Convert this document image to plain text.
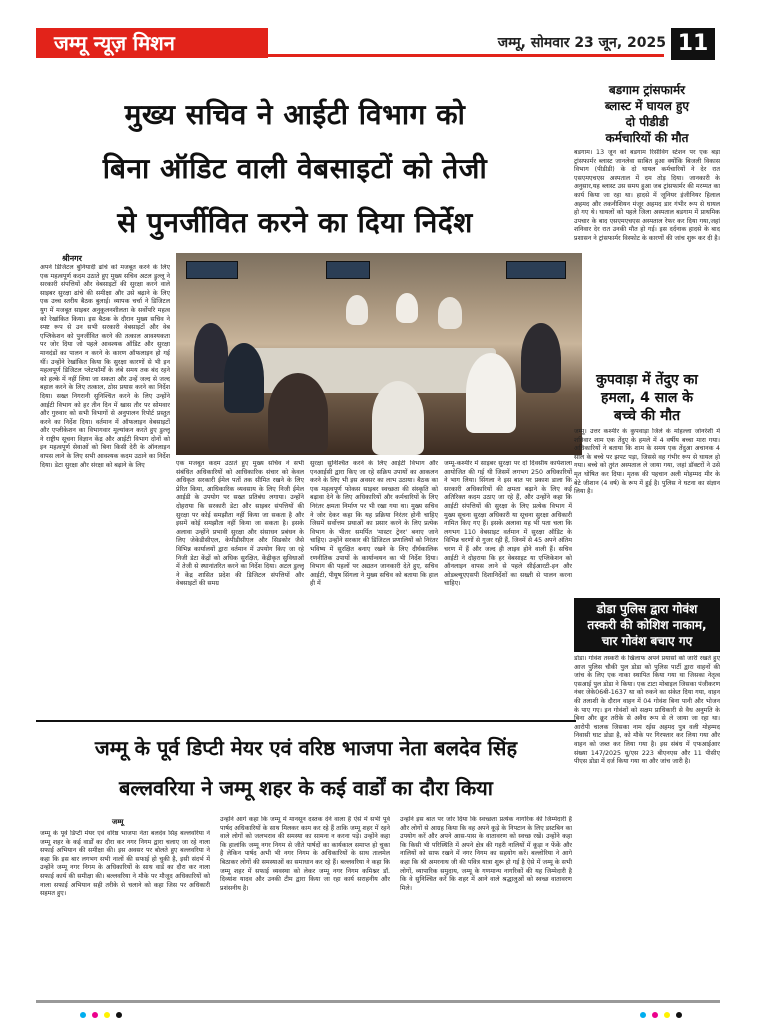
जम्मू न्यूज़ मिशन	जम्मू, सोमवार 23 जून, 2025 11
मुख्य सचिव ने आईटी विभाग को
बिना ऑडिट वाली वेबसाइटों को तेजी
से पुनर्जीवित करने का दिया निर्देश
श्रीनगर
अपने डिजिटल बुनियादी ढांचे को मजबूत करने के लिए एक महत्वपूर्ण कदम उठाते हुए मुख्य सचिव अटल डुल्लू ने सरकारी संपत्तियों और वेबसाइटों की सुरक्षा करने वाले साइबर सुरक्षा ढांचे की समीक्षा और उसे बढ़ाने के लिए एक उच्च स्तरीय बैठक बुलाई। व्यापक चर्चा ने डिजिटल युग में मजबूत साइबर अनुकूलनशीलता के सर्वोपरि महत्व को रेखांकित किया। इस बैठक के दौरान मुख्य सचिव ने स्पष्ट रूप से उन सभी सरकारी वेबसाइटों और वेब एप्लिकेशन को पुनर्जीवित करने की तत्काल आवश्यकता पर जोर दिया जो पहले आवश्यक ऑडिट और सुरक्षा मानदंडों का पालन न करने के कारण ऑफलाइन हो गई थीं। उन्होंने रेखांकित किया कि सुरक्षा कारणों से भी इन महत्वपूर्ण डिजिटल प्लेटफॉर्मों के लंबे समय तक बंद रहने को हल्के में नहीं लिया जा सकता और उन्हें जल्द से जल्द बहाल करने के लिए तत्काल, ठोस प्रयास करने का निर्देश दिया। सख्त निगरानी सुनिश्चित करने के लिए उन्होंने आईटी विभाग को हर तीन दिन में खास तौर पर सोमवार और गुरुवार को सभी विभागों से अनुपालन रिपोर्ट प्रस्तुत करने का निर्देश दिया। वर्तमान में ऑफलाइन वेबसाइटों और एप्लीकेशन का विभागवार मूल्यांकन करते हुए डुल्लू ने राष्ट्रीय सूचना विज्ञान केंद्र और आईटी विभाग दोनों को इन महत्वपूर्ण सेवाओं को बिना किसी देरी के ऑनलाइन वापस लाने के लिए सभी आवश्यक कदम उठाने का निर्देश दिया। डेटा सुरक्षा और संरक्षा को बढ़ाने के लिए	एक मजबूत कदम उठाते हुए मुख्य सचिव ने सभी संबंधित अधिकारियों को आधिकारिक संचार को केवल अधिकृत सरकारी ईमेल पतों तक सीमित रखने के लिए प्रेरित किया, आधिकारिक व्यवसाय के लिए निजी ईमेल आईडी के उपयोग पर सख्त प्रतिबंध लगाया। उन्होंने दोहराया कि सरकारी डेटा और साइबर संपत्तियों की सुरक्षा पर कोई समझौता नहीं किया जा सकता है और इसमें कोई समझौता नहीं किया जा सकता है। इसके अलावा उन्होंने प्रभावी सुरक्षा और संसाधन प्रबंधन के लिए जेकेडीसीएल, केपीडीसीएल और सिडकोर जैसे विभिन्न कार्यालयों द्वारा वर्तमान में उपयोग किए जा रहे निजी डेटा केंद्रों को अधिक सुरक्षित, केंद्रीकृत सुविधाओं में तेजी से स्थानांतरित करने का निर्देश दिया। अटल डुल्लू ने केंद्र शासित प्रदेश की डिजिटल संपत्तियों और वेबसाइटों की समग्र
सुरक्षा सुनिश्चित करने के लिए आईटी विभाग और एनआईसी द्वारा किए जा रहे सक्रिय उपायों का आकलन करने के लिए भी इस अवसर का लाभ उठाया। बैठक का एक महत्वपूर्ण फोकस साइबर स्वच्छता की संस्कृति को बढ़ावा देने के लिए अधिकारियों और कर्मचारियों के लिए निरंतर क्षमता निर्माण पर भी रखा गया था। मुख्य सचिव ने जोर देकर कहा कि यह प्रक्रिया निरंतर होनी चाहिए जिसमें सर्वोत्तम प्रथाओं का प्रसार करने के लिए प्रत्येक विभाग के भीतर समर्पित 'मास्टर ट्रेनर' बनाए जाने चाहिए। उन्होंने सरकार की डिजिटल प्रणालियों को निरंतर भविष्य में सुरक्षित बनाए रखने के लिए दीर्घकालिक रणनीतिक उपायों के कार्यान्वयन का भी निर्देश दिया। विभाग की पहलों पर अद्यतन जानकारी देते हुए, सचिव आईटी, पीयूष सिंगला ने मुख्य सचिव को बताया कि हाल ही में
जम्मू-कश्मीर में साइबर सुरक्षा पर दो दिवसीय कार्यशाला आयोजित की गई थी जिसमें लगभग 250 अधिकारियों ने भाग लिया। सिंगला ने इस बात पर प्रकाश डाला कि सरकारी अधिकारियों की क्षमता बढ़ाने के लिए कई अतिरिक्त कदम उठाए जा रहे हैं, और उन्होंने कहा कि आईटी संपत्तियों की सुरक्षा के लिए प्रत्येक विभाग में मुख्य सूचना सुरक्षा अधिकारी या सूचना सुरक्षा अधिकारी नामित किए गए हैं। इसके अलावा यह भी पता चला कि लगभग 110 वेबसाइट वर्तमान में सुरक्षा ऑडिट के विभिन्न चरणों से गुजर रही हैं, जिनमें से 45 अपने अंतिम चरण में हैं और जल्द ही लाइव होने वाली हैं। सचिव आईटी ने दोहराया कि हर वेबसाइट या एप्लिकेशन को ऑनलाइन वापस लाने से पहले सीईआरटी-इन और ओडब्ल्यूएएसपी दिशानिर्देशों का सख्ती से पालन करना चाहिए।
बडगाम ट्रांसफार्मर
ब्लास्ट में घायल हुए
दो पीडीडी
कर्मचारियों की मौत
बडगाम। 13 जून को बडगाम रिसीविंग स्टेशन पर एक बड़ा ट्रांसफार्मर ब्लास्ट जानलेवा साबित हुआ क्योंकि बिजली विकास विभाग (पीडीडी) के दो घायल कर्मचारियों ने देर रात एसएमएचएस अस्पताल में दम तोड़ दिया। जानकारी के अनुसार,यह ब्लास्ट उस समय हुआ जब ट्रांसफार्मर की मरम्मत का कार्य किया जा रहा था। हादसे में जूनियर इंजीनियर हिलाल अहमद और तकनीशियन मंजूर अहमद डार गंभीर रूप से घायल हो गए थे। घायलों को पहले जिला अस्पताल बडगाम में प्राथमिक उपचार के बाद एसएमएचएस अस्पताल रेफर कर दिया गया,जहां शनिवार देर रात उनकी मौत हो गई। इस दर्दनाक हादसे के बाद प्रशासन ने ट्रांसफार्मर विस्फोट के कारणों की जांच शुरू कर दी है।
कुपवाड़ा में तेंदुए का
हमला, 4 साल के
बच्चे की मौत
जम्मू। उत्तर कश्मीर के कुपवाड़ा जिले के मोहल्ला जोनरेशी में शनिवार शाम एक तेंदुए के हमले में 4 वर्षीय बच्चा मारा गया। अधिकारियों ने बताया कि शाम के समय एक तेंदुआ अचानक 4 साल के बच्चे पर झपट पड़ा, जिससे वह गंभीर रूप से घायल हो गया। बच्चे को तुरंत अस्पताल ले जाया गया, जहां डॉक्टरों ने उसे मृत घोषित कर दिया। मृतक की पहचान अली मोहम्मद मीर के बेटे जीशान (4 वर्ष) के रूप में हुई है। पुलिस ने घटना का संज्ञान लिया है।
डोडा पुलिस द्वारा गोवंश
तस्करी की कोशिश नाकाम,
चार गोवंश बचाए गए
डोडा। गोवंश तस्करी के खिलाफ अपने प्रयासों को जारी रखते हुए आज पुलिस चौकी पुल डोडा को पुलिस पार्टी द्वारा वाहनों की जांच के लिए एक नाका स्थापित किया गया था जिसका नेतृत्व एसआई पुल डोडा ने किया। एक टाटा मोबाइल जिसका पंजीकरण नंबर जेके06बी-1637 था को रुकने का संकेत दिया गया, वाहन की तलाशी के दौरान वाहन में 04 गोवंश बिना पानी और भोजन के पाए गए। इन गोवंशों को सक्षम प्राधिकारी से वैध अनुमति के बिना और क्रूर तरीके से अवैध रूप से ले जाया जा रहा था। आरोपी चालक जिसका नाम रईस अहमद पुत्र वली मोहम्मद निवासी घाट डोडा है, को मौके पर गिरफ्तार कर लिया गया और वाहन को जब्त कर लिया गया है। इस संबंध में एफआईआर संख्या 147/2025 यू/एस 223 बीएनएस और 11 पीसीए पीएस डोडा में दर्ज किया गया था और जांच जारी है।
जम्मू के पूर्व डिप्टी मेयर एवं वरिष्ठ भाजपा नेता बलदेव सिंह
बल्लवरिया ने जम्मू शहर के कई वार्डों का दौरा किया
जम्मू
जम्मू के पूर्व डिप्टी मेयर एवं वरिष्ठ भाजपा नेता बलदेव सिंह बल्लवरिया ने जम्मू शहर के कई वार्डों का दौरा कर नगर निगम द्वारा चलाए जा रहे नाला सफाई अभियान की समीक्षा की। इस अवसर पर बोलते हुए बल्लवरिया ने कहा कि इस बार लगभग सभी नालों की सफाई हो चुकी है, इसी संदर्भ में उन्होंने जम्मू नगर निगम के अधिकारियों के साथ वार्ड का दौरा कर नाला सफाई कार्य की समीक्षा की। बल्लवरिया ने मौके पर मौजूद अधिकारियों को नाला सफाई अभियान सही तरीके से चलाने को कहा जिस पर अधिकारी सहमत हुए।
उन्होंने आगे कहा कि जम्मू में मानसून दस्तक देने वाला है ऐसे में सभी पूर्व पार्षद अधिकारियों के साथ मिलकर काम कर रहे हैं ताकि जम्मू शहर में रहने वाले लोगों को जलभराव की समस्या का सामना न करना पड़े। उन्होंने कहा कि हालांकि जम्मू नगर निगम से जीते पार्षदों का कार्यकाल समाप्त हो चुका है लेकिन पार्षद अभी भी नगर निगम के अधिकारियों के साथ तालमेल बिठाकर लोगों की समस्याओं का समाधान कर रहे हैं। बल्लवरिया ने कहा कि जम्मू शहर में सफाई व्यवस्था को लेकर जम्मू नगर निगम कमिश्नर डॉ. दिव्यांश यादव और उनकी टीम द्वारा किया जा रहा कार्य सराहनीय और प्रशंसनीय है।
उन्होंने इस बात पर जोर दिया कि स्वच्छता प्रत्येक नागरिक की जिम्मेदारी है और लोगों से आग्रह किया कि वह अपने कूड़े के निपटान के लिए डस्टबिन का उपयोग करें और अपने आस-पास के वातावरण को स्वच्छ रखें। उन्होंने कहा कि किसी भी परिस्थिति में अपने क्षेत्र की गहरी नालियों में कूड़ा न फेंकें और नालियों को साफ रखने में नगर निगम का सहयोग करें। बल्लोरिया ने आगे कहा कि श्री अमरनाथ जी की पवित्र यात्रा शुरू हो गई है ऐसे में जम्मू के सभी लोगों, व्यापारिक समुदाय, जम्मू के गणमान्य नागरिकों की यह जिम्मेदारी है कि वे सुनिश्चित करें कि शहर में आने वाले श्रद्धालुओं को स्वच्छ वातावरण मिले।
